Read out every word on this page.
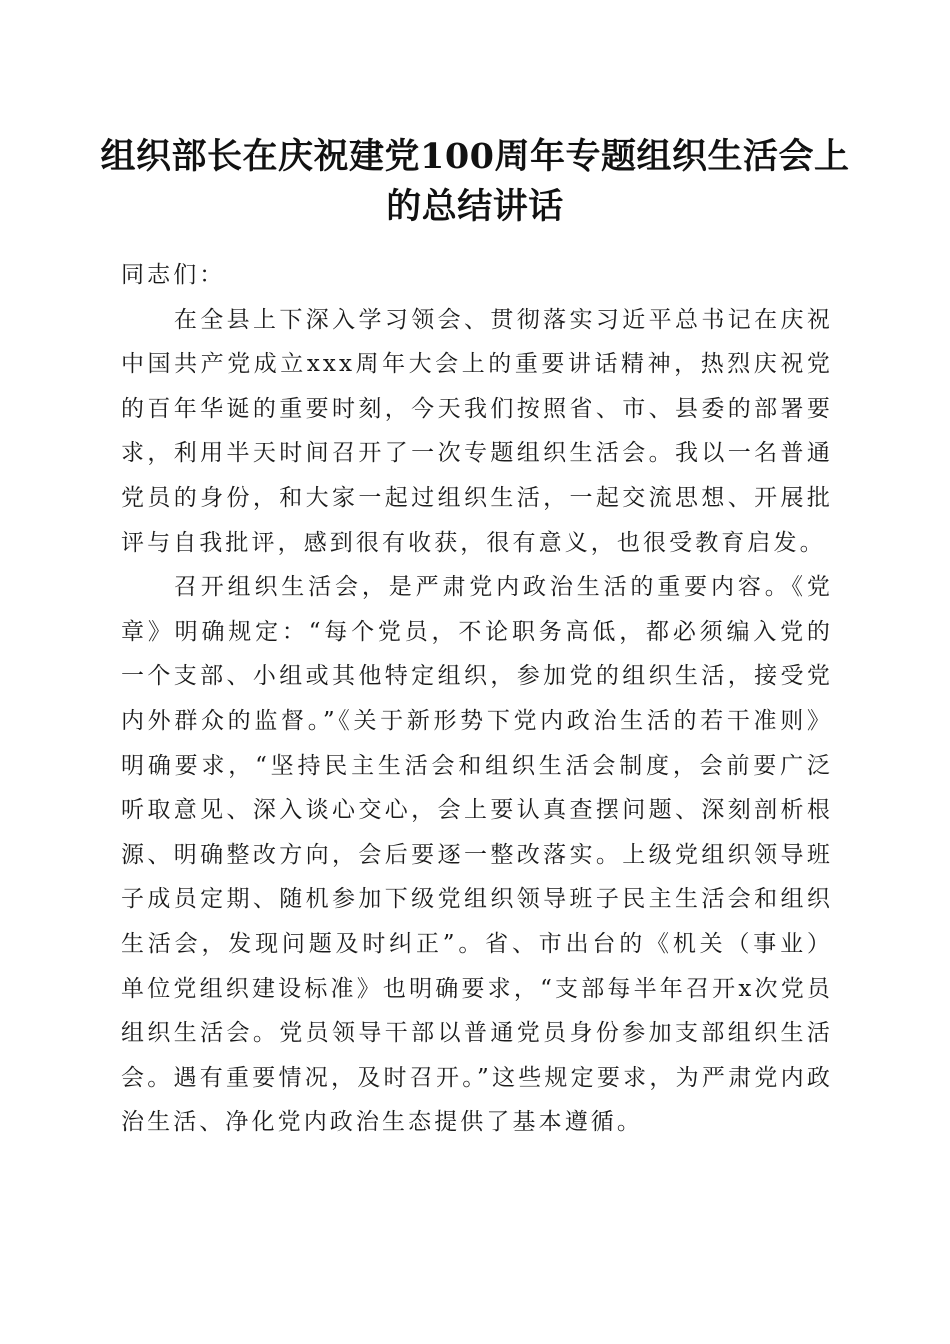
组织部长在庆祝建党100周年专题组织生活会上的总结讲话

同志们：

在全县上下深入学习领会、贯彻落实习近平总书记在庆祝中国共产党成立xxx周年大会上的重要讲话精神，热烈庆祝党的百年华诞的重要时刻，今天我们按照省、市、县委的部署要求，利用半天时间召开了一次专题组织生活会。我以一名普通党员的身份，和大家一起过组织生活，一起交流思想、开展批评与自我批评，感到很有收获，很有意义，也很受教育启发。

召开组织生活会，是严肃党内政治生活的重要内容。《党章》明确规定：“每个党员，不论职务高低，都必须编入党的一个支部、小组或其他特定组织，参加党的组织生活，接受党内外群众的监督。”《关于新形势下党内政治生活的若干准则》明确要求，“坚持民主生活会和组织生活会制度，会前要广泛听取意见、深入谈心交心，会上要认真查摆问题、深刻剖析根源、明确整改方向，会后要逐一整改落实。上级党组织领导班子成员定期、随机参加下级党组织领导班子民主生活会和组织生活会，发现问题及时纠正”。省、市出台的《机关（事业）单位党组织建设标准》也明确要求，“支部每半年召开x次党员组织生活会。党员领导干部以普通党员身份参加支部组织生活会。遇有重要情况，及时召开。”这些规定要求，为严肃党内政治生活、净化党内政治生态提供了基本遵循。
